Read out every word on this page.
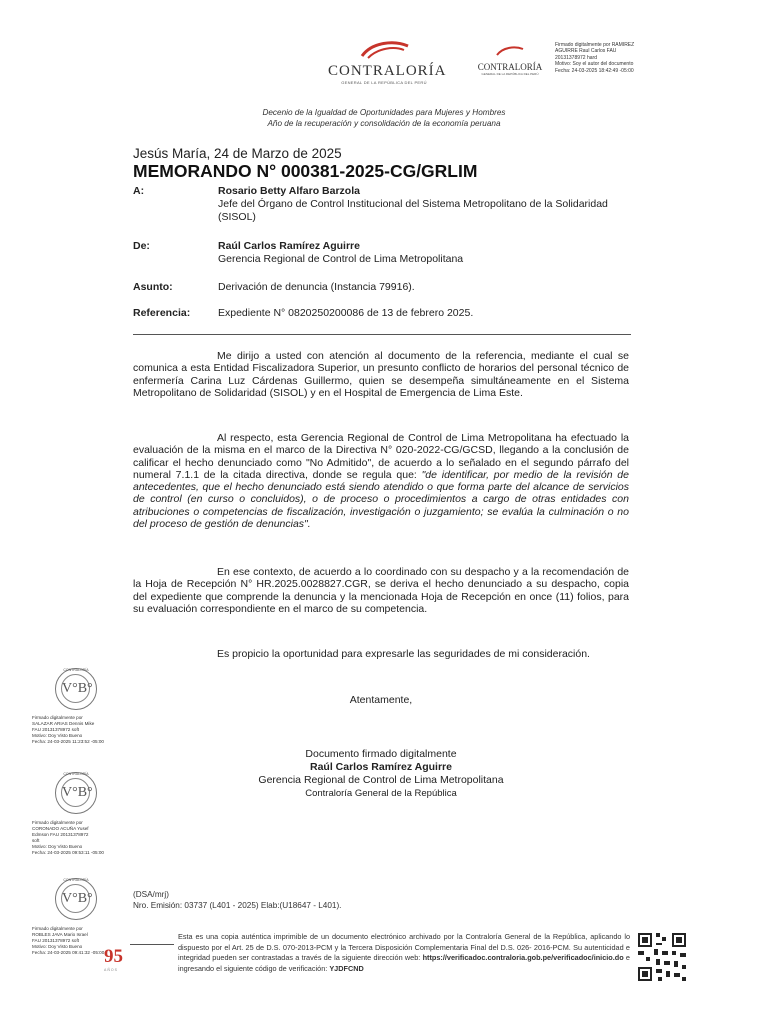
CONTRALORÍA
GENERAL DE LA REPÚBLICA DEL PERÚ
CONTRALORÍA
GENERAL DE LA REPÚBLICA DEL PERÚ
Firmado digitalmente por RAMIREZ
AGUIRRE Raul Carlos FAU
20131378972 hard
Motivo: Soy el autor del documento
Fecha: 24-03-2025 18:42:49 -05:00
Decenio de la Igualdad de Oportunidades para Mujeres y Hombres
Año de la recuperación y consolidación de la economía peruana
Jesús María, 24 de Marzo de 2025
MEMORANDO N° 000381-2025-CG/GRLIM
A:	Rosario Betty Alfaro Barzola
Jefe del Órgano de Control Institucional del Sistema Metropolitano de la Solidaridad (SISOL)
De:	Raúl Carlos Ramírez Aguirre
Gerencia Regional de Control de Lima Metropolitana
Asunto:	Derivación de denuncia (Instancia 79916).
Referencia:	Expediente N° 0820250200086 de 13 de febrero 2025.
Me dirijo a usted con atención al documento de la referencia, mediante el cual se comunica a esta Entidad Fiscalizadora Superior, un presunto conflicto de horarios del personal técnico de enfermería Carina Luz Cárdenas Guillermo, quien se desempeña simultáneamente en el Sistema Metropolitano de Solidaridad (SISOL) y en el Hospital de Emergencia de Lima Este.
Al respecto, esta Gerencia Regional de Control de Lima Metropolitana ha efectuado la evaluación de la misma en el marco de la Directiva N° 020-2022-CG/GCSD, llegando a la conclusión de calificar el hecho denunciado como "No Admitido", de acuerdo a lo señalado en el segundo párrafo del numeral 7.1.1 de la citada directiva, donde se regula que: "de identificar, por medio de la revisión de antecedentes, que el hecho denunciado está siendo atendido o que forma parte del alcance de servicios de control (en curso o concluidos), o de proceso o procedimientos a cargo de otras entidades con atribuciones o competencias de fiscalización, investigación o juzgamiento; se evalúa la culminación o no del proceso de gestión de denuncias".
En ese contexto, de acuerdo a lo coordinado con su despacho y a la recomendación de la Hoja de Recepción N° HR.2025.0028827.CGR, se deriva el hecho denunciado a su despacho, copia del expediente que comprende la denuncia y la mencionada Hoja de Recepción en once (11) folios, para su evaluación correspondiente en el marco de su competencia.
Es propicio la oportunidad para expresarle las seguridades de mi consideración.
Atentamente,
Documento firmado digitalmente
Raúl Carlos Ramírez Aguirre
Gerencia Regional de Control de Lima Metropolitana
Contraloría General de la República
CONTRALORÍA
V°B°
Firmado digitalmente por
SALAZAR ARIAS Dennis Mike
FAU 20131378972 soft
Motivo: Doy Visto Bueno
Fecha: 24-03-2025 11:23:52 -05:00
CONTRALORÍA
V°B°
Firmado digitalmente por
CORONADO ACUÑA Yusef
Edmson FAU 20131378972
soft
Motivo: Doy Visto Bueno
Fecha: 24-03-2025 09:53:11 -05:00
CONTRALORÍA
V°B°
Firmado digitalmente por
ROBLES JAVA Mario Israel
FAU 20131378972 soft
Motivo: Doy Visto Bueno
Fecha: 24-03-2025 09:41:32 -05:00
(DSA/mrj)
Nro. Emisión: 03737 (L401 - 2025) Elab:(U18647 - L401).
95
AÑOS
Esta es una copia auténtica imprimible de un documento electrónico archivado por la Contraloría General de la República, aplicando lo dispuesto por el Art. 25 de D.S. 070-2013-PCM y la Tercera Disposición Complementaria Final del D.S. 026- 2016-PCM. Su autenticidad e integridad pueden ser contrastadas a través de la siguiente dirección web: https://verificadoc.contraloria.gob.pe/verificadoc/inicio.do e ingresando el siguiente código de verificación: YJDFCND
